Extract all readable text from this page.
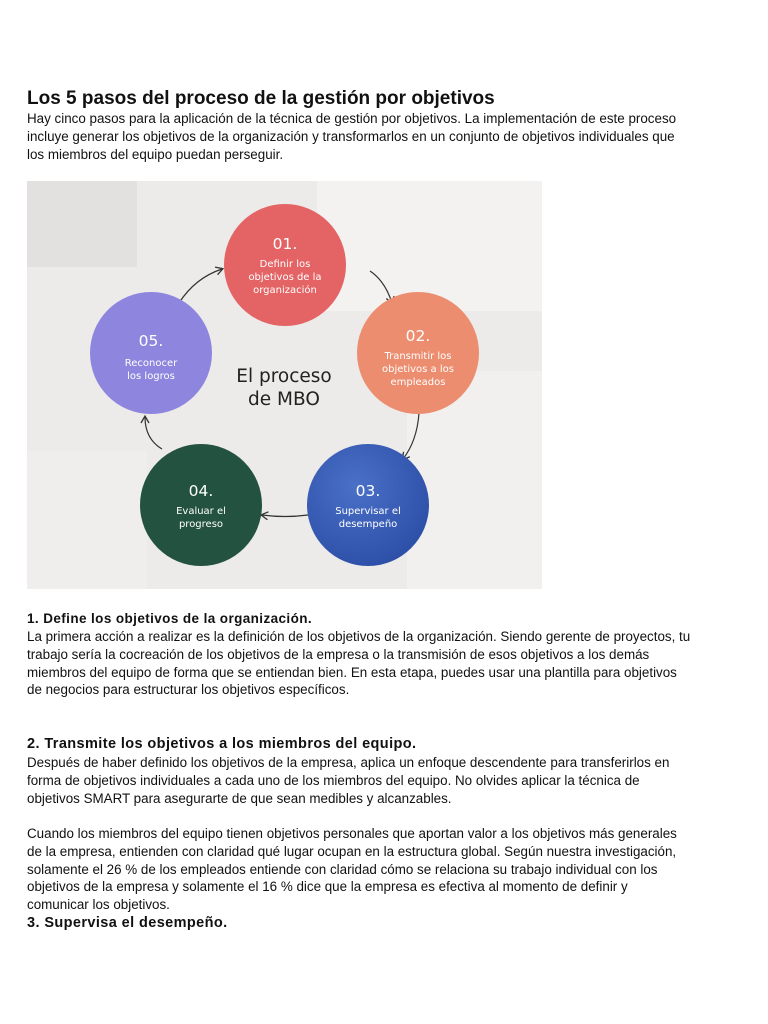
Los 5 pasos del proceso de la gestión por objetivos

Hay cinco pasos para la aplicación de la técnica de gestión por objetivos. La implementación de este proceso
incluye generar los objetivos de la organización y transformarlos en un conjunto de objetivos individuales que
los miembros del equipo puedan perseguir.

01.
Definir los
objetivos de la
organización
02.
Transmitir los
objetivos a los
empleados
03.
Supervisar el
desempeño
04.
Evaluar el
progreso
05.
Reconocer
los logros	El proceso
de MBO
1. Define los objetivos de la organización.

La primera acción a realizar es la definición de los objetivos de la organización. Siendo gerente de proyectos, tu
trabajo sería la cocreación de los objetivos de la empresa o la transmisión de esos objetivos a los demás
miembros del equipo de forma que se entiendan bien. En esta etapa, puedes usar una plantilla para objetivos
de negocios para estructurar los objetivos específicos.

2. Transmite los objetivos a los miembros del equipo.

Después de haber definido los objetivos de la empresa, aplica un enfoque descendente para transferirlos en
forma de objetivos individuales a cada uno de los miembros del equipo. No olvides aplicar la técnica de
objetivos SMART para asegurarte de que sean medibles y alcanzables.

Cuando los miembros del equipo tienen objetivos personales que aportan valor a los objetivos más generales
de la empresa, entienden con claridad qué lugar ocupan en la estructura global. Según nuestra investigación,
solamente el 26 % de los empleados entiende con claridad cómo se relaciona su trabajo individual con los
objetivos de la empresa y solamente el 16 % dice que la empresa es efectiva al momento de definir y
comunicar los objetivos.

3. Supervisa el desempeño.
